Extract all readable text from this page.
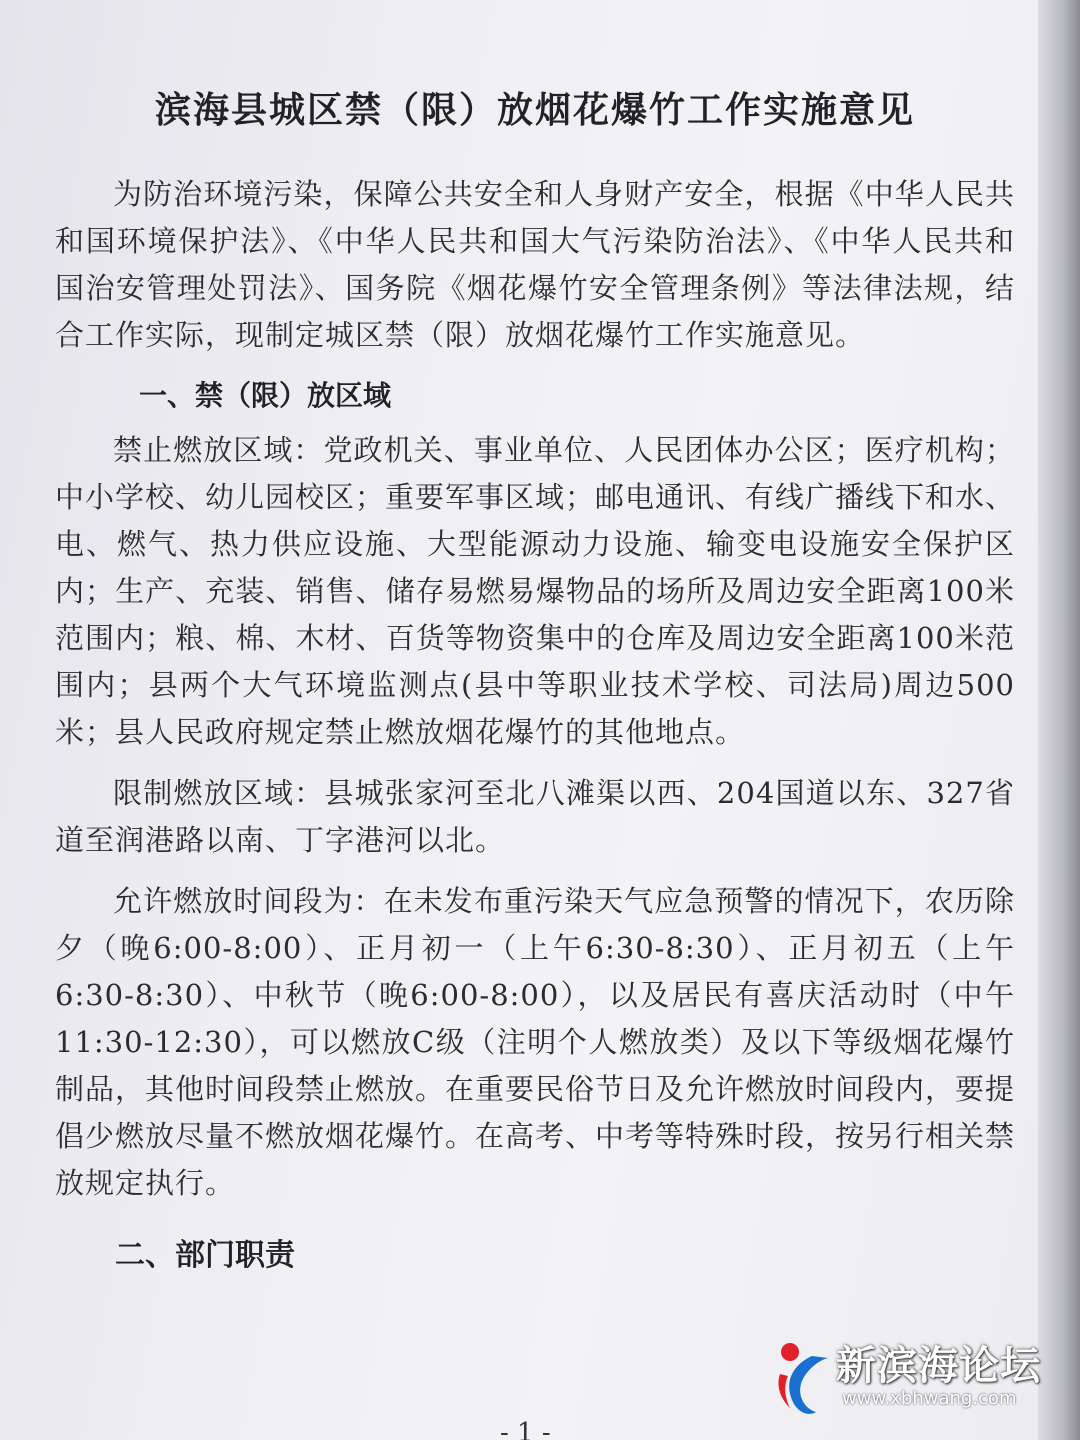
滨海县城区禁（限）放烟花爆竹工作实施意见

为防治环境污染，保障公共安全和人身财产安全，根据《中华人民共和国环境保护法》、《中华人民共和国大气污染防治法》、《中华人民共和国治安管理处罚法》、国务院《烟花爆竹安全管理条例》等法律法规，结合工作实际，现制定城区禁（限）放烟花爆竹工作实施意见。

一、禁（限）放区域

禁止燃放区域：党政机关、事业单位、人民团体办公区；医疗机构；中小学校、幼儿园校区；重要军事区域；邮电通讯、有线广播线下和水、电、燃气、热力供应设施、大型能源动力设施、输变电设施安全保护区内；生产、充装、销售、储存易燃易爆物品的场所及周边安全距离100米范围内；粮、棉、木材、百货等物资集中的仓库及周边安全距离100米范围内；县两个大气环境监测点(县中等职业技术学校、司法局)周边500米；县人民政府规定禁止燃放烟花爆竹的其他地点。

限制燃放区域：县城张家河至北八滩渠以西、204国道以东、327省道至润港路以南、丁字港河以北。

允许燃放时间段为：在未发布重污染天气应急预警的情况下，农历除夕（晚6:00-8:00）、正月初一（上午6:30-8:30）、正月初五（上午6:30-8:30）、中秋节（晚6:00-8:00），以及居民有喜庆活动时（中午11:30-12:30），可以燃放C级（注明个人燃放类）及以下等级烟花爆竹制品，其他时间段禁止燃放。在重要民俗节日及允许燃放时间段内，要提倡少燃放尽量不燃放烟花爆竹。在高考、中考等特殊时段，按另行相关禁放规定执行。

二、部门职责
- 1 -
新滨海论坛
www.xbhwang.com
